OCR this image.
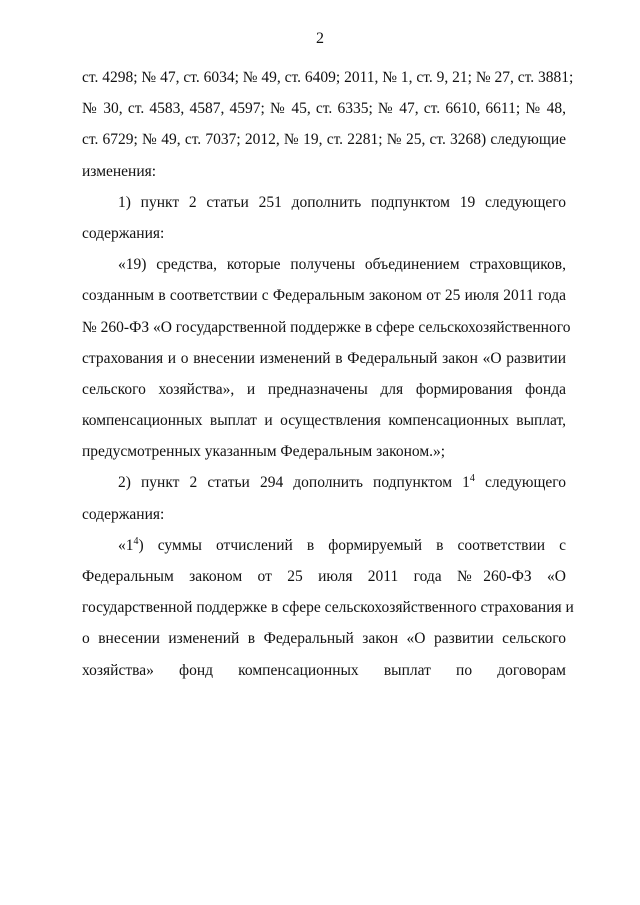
2
ст. 4298; № 47, ст. 6034; № 49, ст. 6409; 2011, № 1, ст. 9, 21; № 27, ст. 3881;
№ 30, ст. 4583, 4587, 4597; № 45, ст. 6335; № 47, ст. 6610, 6611; № 48,
ст. 6729; № 49, ст. 7037; 2012, № 19, ст. 2281; № 25, ст. 3268) следующие
изменения:
1) пункт 2 статьи 251 дополнить подпунктом 19 следующего
содержания:
«19) средства, которые получены объединением страховщиков,
созданным в соответствии с Федеральным законом от 25 июля 2011 года
№ 260-ФЗ «О государственной поддержке в сфере сельскохозяйственного
страхования и о внесении изменений в Федеральный закон «О развитии
сельского хозяйства», и предназначены для формирования фонда
компенсационных выплат и осуществления компенсационных выплат,
предусмотренных указанным Федеральным законом.»;
2) пункт 2 статьи 294 дополнить подпунктом $1^4$ следующего
содержания:
«$1^4$) суммы отчислений в формируемый в соответствии с
Федеральным законом от 25 июля 2011 года №260-ФЗ «О
государственной поддержке в сфере сельскохозяйственного страхования и
о внесении изменений в Федеральный закон «О развитии сельского
хозяйства» фонд компенсационных выплат по договорам
